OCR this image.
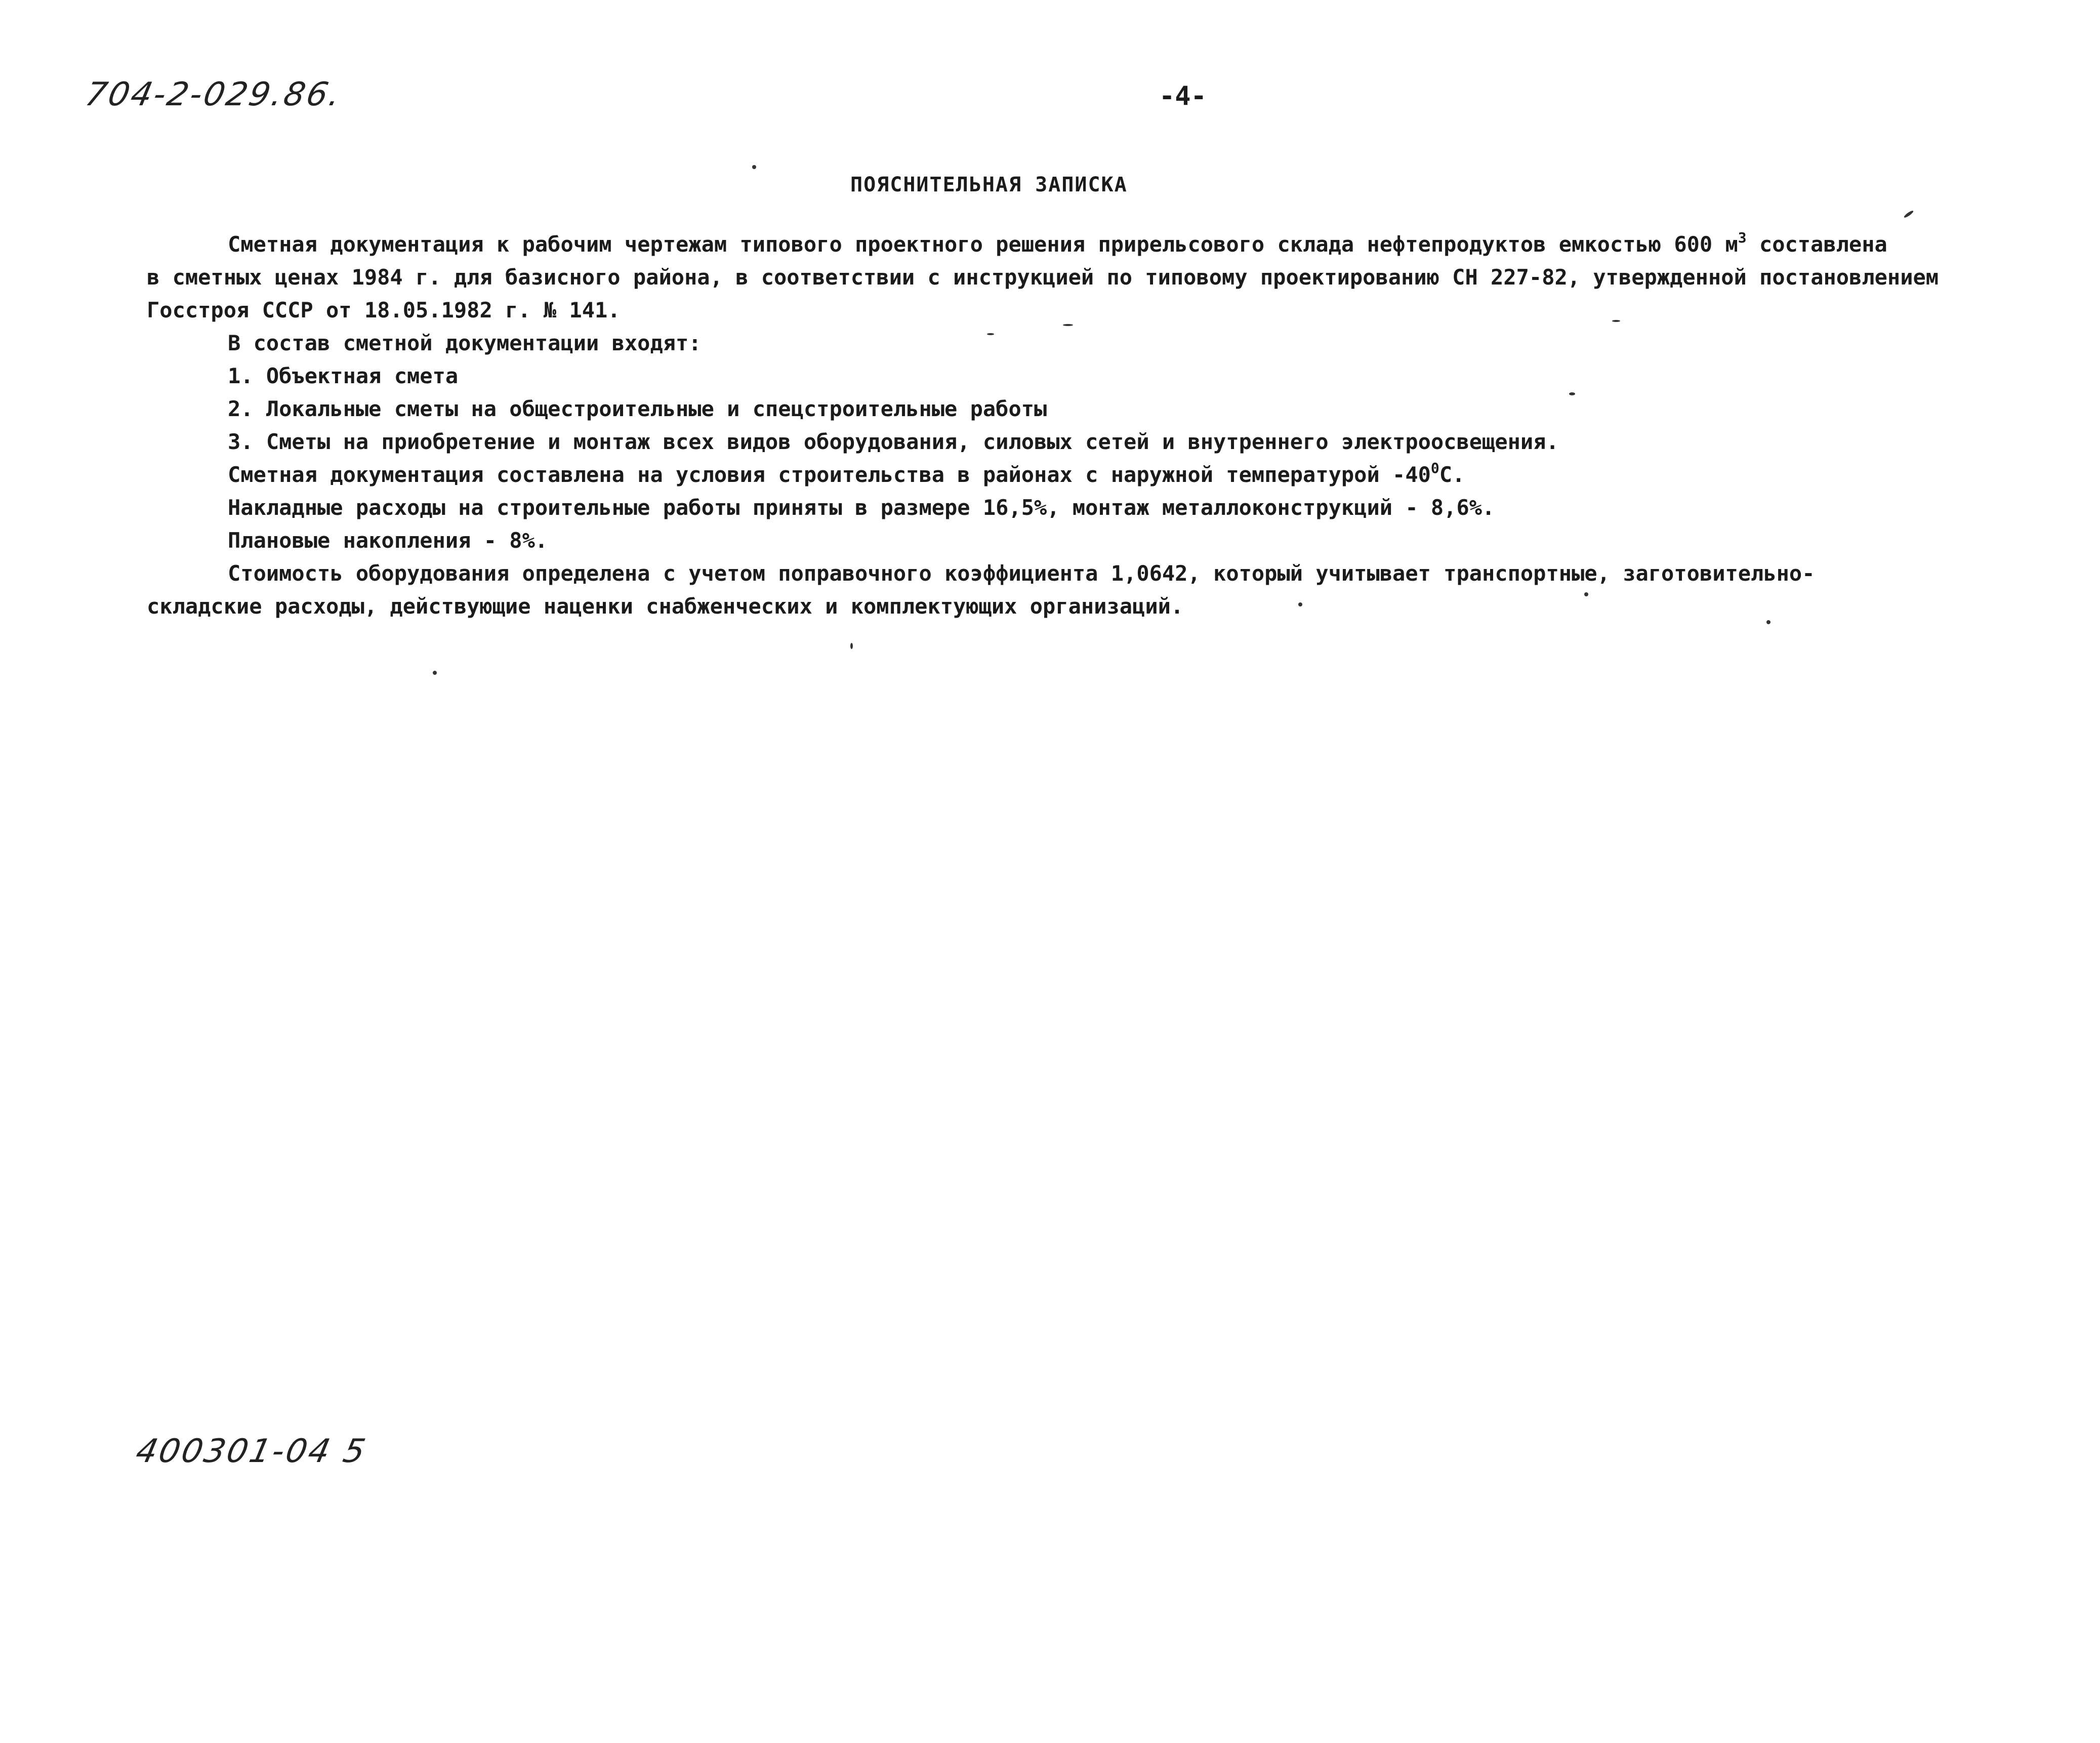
704-2-029.86.	-4-
ПОЯСНИТЕЛЬНАЯ ЗАПИСКА

Сметная документация к рабочим чертежам типового проектного решения прирельсового склада нефтепродуктов емкостью 600 $м^3$ составлена

в сметных ценах 1984 г. для базисного района, в соответствии с инструкцией по типовому проектированию СН 227-82, утвержденной постановлением

Госстроя СССР от 18.05.1982 г. № 141.

В состав сметной документации входят:

1. Объектная смета

2. Локальные сметы на общестроительные и спецстроительные работы

3. Сметы на приобретение и монтаж всех видов оборудования, силовых сетей и внутреннего электроосвещения.

Сметная документация составлена на условия строительства в районах с наружной температурой $-40^0С$.

Накладные расходы на строительные работы приняты в размере 16,5%, монтаж металлоконструкций - 8,6%.

Плановые накопления - 8%.

Стоимость оборудования определена с учетом поправочного коэффициента 1,0642, который учитывает транспортные, заготовительно-

складские расходы, действующие наценки снабженческих и комплектующих организаций.

400301-04 5
